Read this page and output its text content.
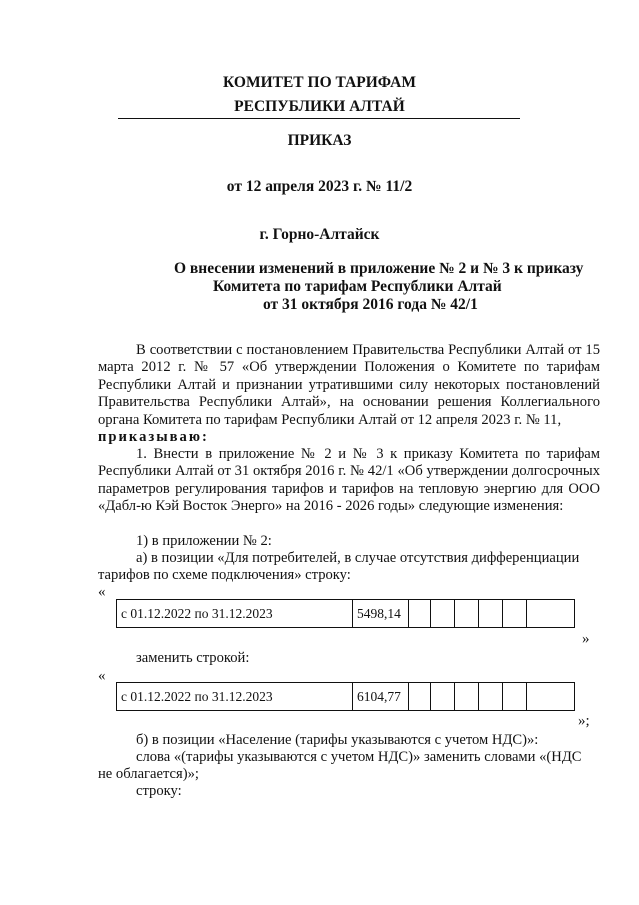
КОМИТЕТ ПО ТАРИФАМ
РЕСПУБЛИКИ АЛТАЙ
ПРИКАЗ
от 12 апреля 2023 г. № 11/2
г. Горно-Алтайск
О внесении изменений в приложение № 2 и № 3 к приказу
Комитета по тарифам Республики Алтай
от 31 октября 2016 года № 42/1
В соответствии с постановлением Правительства Республики Алтай от 15 марта 2012 г. № 57 «Об утверждении Положения о Комитете по тарифам Республики Алтай и признании утратившими силу некоторых постановлений Правительства Республики Алтай», на основании решения Коллегиального органа Комитета по тарифам Республики Алтай от 12 апреля 2023 г. № 11,
приказываю:
1. Внести в приложение № 2 и № 3 к приказу Комитета по тарифам Республики Алтай от 31 октября 2016 г. № 42/1 «Об утверждении долгосрочных параметров регулирования тарифов и тарифов на тепловую энергию для ООО «Дабл-ю Кэй Восток Энерго» на 2016 - 2026 годы» следующие изменения:
1) в приложении № 2:
а) в позиции «Для потребителей, в случае отсутствия дифференциации
тарифов по схеме подключения» строку:
«
с 01.12.2022 по 31.12.2023	5498,14						
»
заменить строкой:
«
с 01.12.2022 по 31.12.2023	6104,77						
»;
б) в позиции «Население (тарифы указываются с учетом НДС)»:
слова «(тарифы указываются с учетом НДС)» заменить словами «(НДС
не облагается)»;
строку:
